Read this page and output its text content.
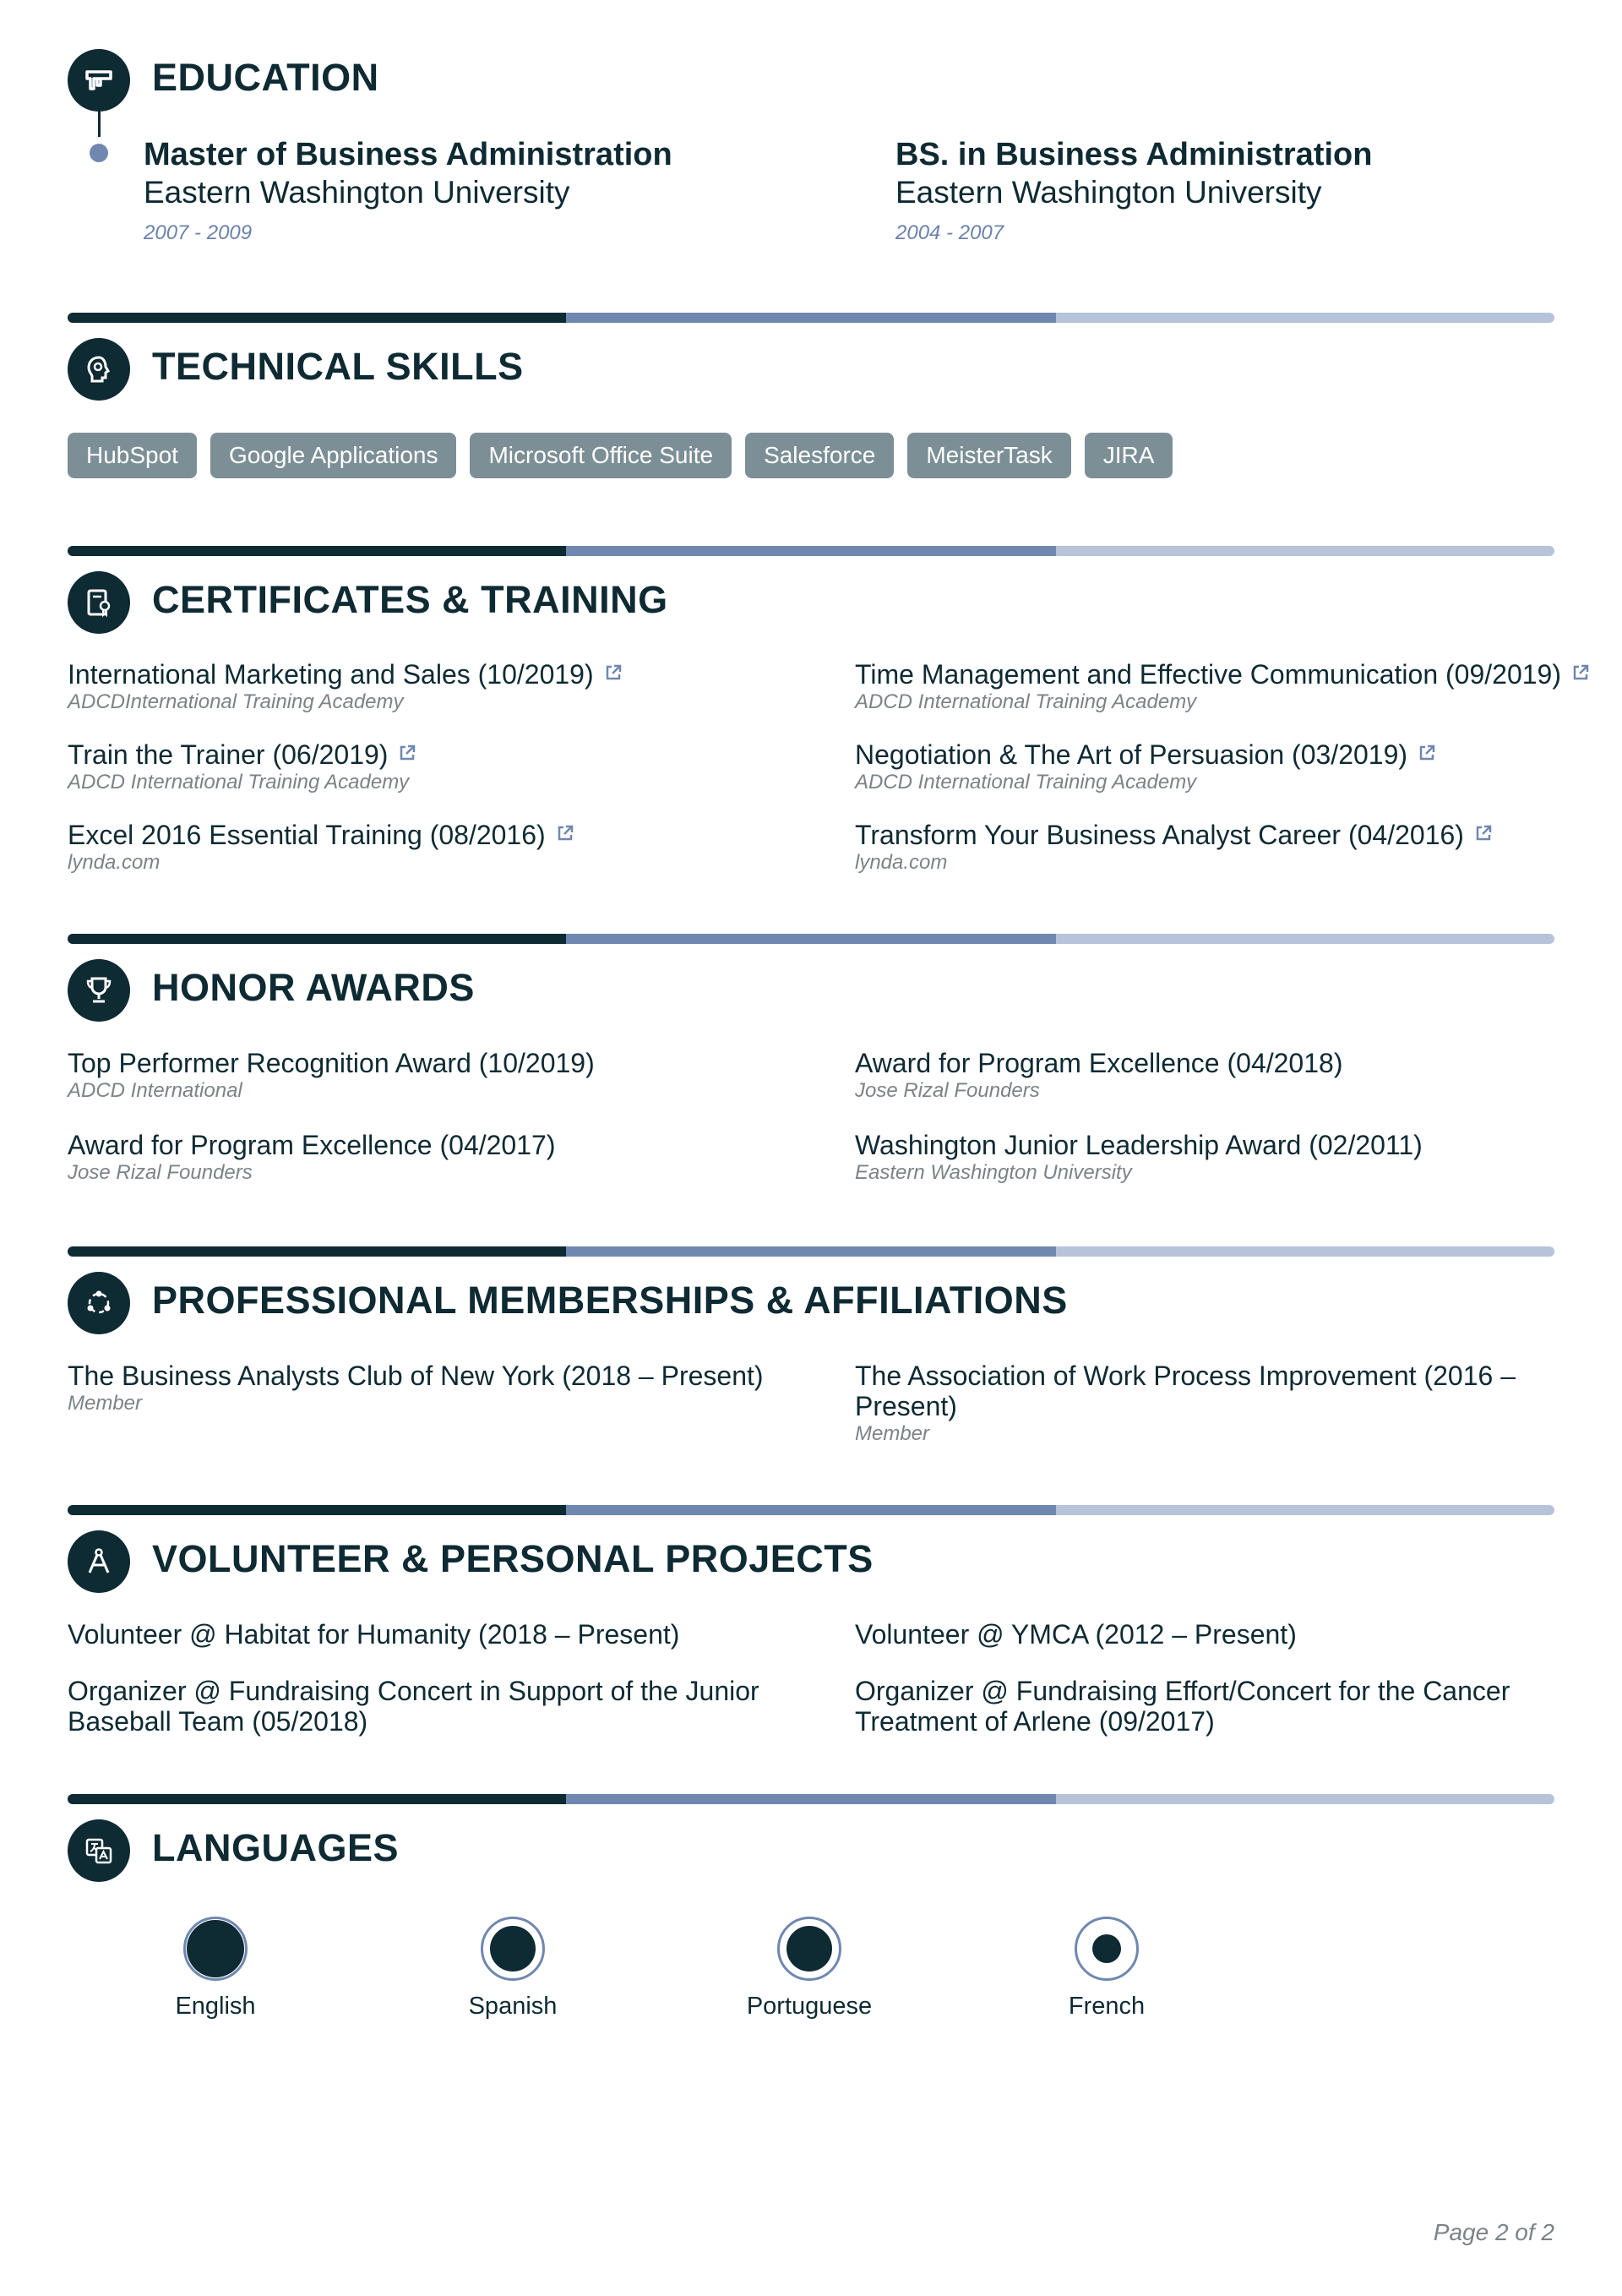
EDUCATION
Master of Business Administration
Eastern Washington University
2007 - 2009
BS. in Business Administration
Eastern Washington University
2004 - 2007
TECHNICAL SKILLS
HubSpot	Google Applications	Microsoft Office Suite	Salesforce	MeisterTask	JIRA
CERTIFICATES & TRAINING
International Marketing and Sales (10/2019)
ADCDInternational Training Academy
Time Management and Effective Communication (09/2019)
ADCD International Training Academy
Train the Trainer (06/2019)
ADCD International Training Academy
Negotiation & The Art of Persuasion (03/2019)
ADCD International Training Academy
Excel 2016 Essential Training (08/2016)
lynda.com
Transform Your Business Analyst Career (04/2016)
lynda.com
HONOR AWARDS
Top Performer Recognition Award (10/2019)
ADCD International
Award for Program Excellence (04/2018)
Jose Rizal Founders
Award for Program Excellence (04/2017)
Jose Rizal Founders
Washington Junior Leadership Award (02/2011)
Eastern Washington University
PROFESSIONAL MEMBERSHIPS & AFFILIATIONS
The Business Analysts Club of New York (2018 – Present)
Member
The Association of Work Process Improvement (2016 – Present)
Member
VOLUNTEER & PERSONAL PROJECTS
Volunteer @ Habitat for Humanity (2018 – Present)	Volunteer @ YMCA (2012 – Present)
Organizer @ Fundraising Concert in Support of the Junior Baseball Team (05/2018)
Organizer @ Fundraising Effort/Concert for the Cancer Treatment of Arlene (09/2017)
LANGUAGES
English	Spanish	Portuguese	French
Page 2 of 2
